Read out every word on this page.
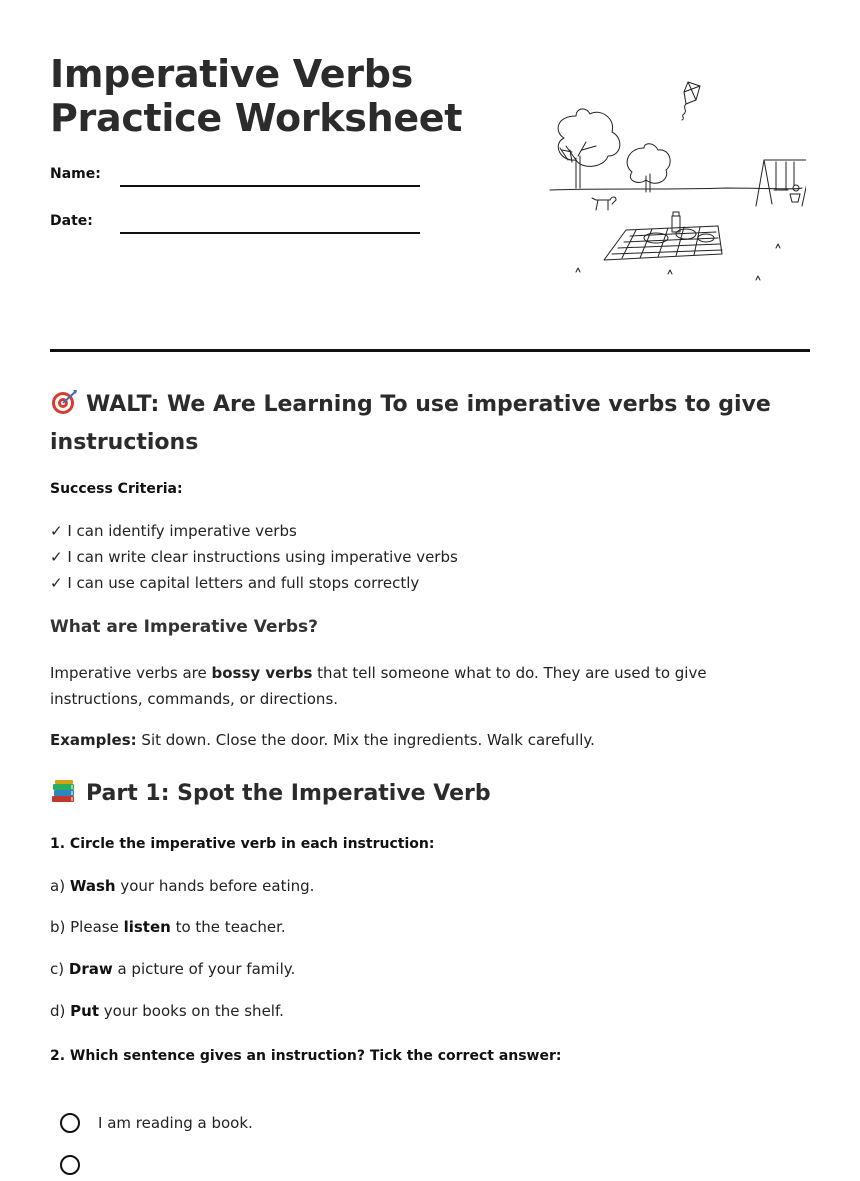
Imperative Verbs
Practice Worksheet
Name:
Date:
WALT: We Are Learning To use imperative verbs to give instructions
Success Criteria:
✓ I can identify imperative verbs
✓ I can write clear instructions using imperative verbs
✓ I can use capital letters and full stops correctly
What are Imperative Verbs?

Imperative verbs are bossy verbs that tell someone what to do. They are used to give instructions, commands, or directions.

Examples: Sit down. Close the door. Mix the ingredients. Walk carefully.

Part 1: Spot the Imperative Verb
1. Circle the imperative verb in each instruction:
a) Wash your hands before eating.
b) Please listen to the teacher.
c) Draw a picture of your family.
d) Put your books on the shelf.
2. Which sentence gives an instruction? Tick the correct answer:
I am reading a book.
